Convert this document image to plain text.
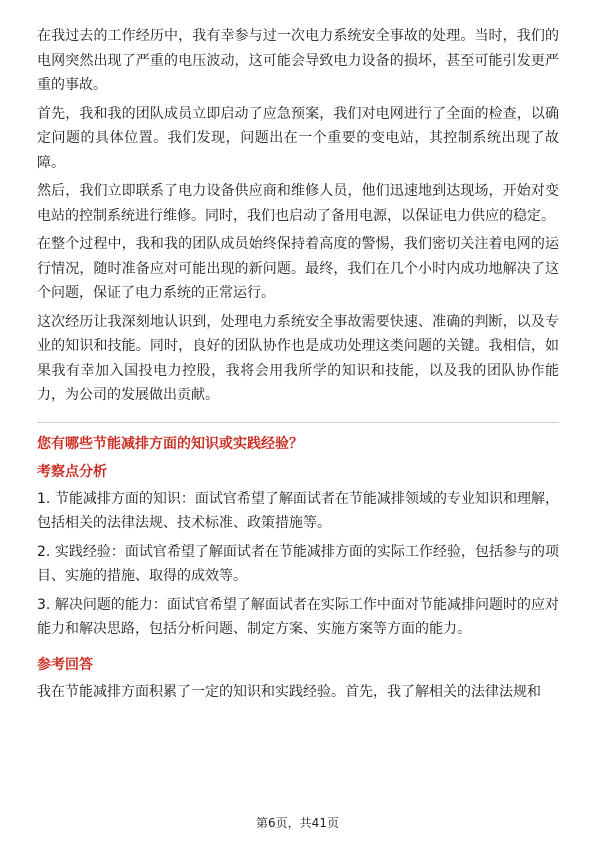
在我过去的工作经历中，我有幸参与过一次电力系统安全事故的处理。当时，我们的电网突然出现了严重的电压波动，这可能会导致电力设备的损坏，甚至可能引发更严重的事故。

首先，我和我的团队成员立即启动了应急预案，我们对电网进行了全面的检查，以确定问题的具体位置。我们发现，问题出在一个重要的变电站，其控制系统出现了故障。

然后，我们立即联系了电力设备供应商和维修人员，他们迅速地到达现场，开始对变电站的控制系统进行维修。同时，我们也启动了备用电源，以保证电力供应的稳定。

在整个过程中，我和我的团队成员始终保持着高度的警惕，我们密切关注着电网的运行情况，随时准备应对可能出现的新问题。最终，我们在几个小时内成功地解决了这个问题，保证了电力系统的正常运行。

这次经历让我深刻地认识到，处理电力系统安全事故需要快速、准确的判断，以及专业的知识和技能。同时，良好的团队协作也是成功处理这类问题的关键。我相信，如果我有幸加入国投电力控股，我将会用我所学的知识和技能，以及我的团队协作能力，为公司的发展做出贡献。

您有哪些节能减排方面的知识或实践经验？
考察点分析

1. 节能减排方面的知识：面试官希望了解面试者在节能减排领域的专业知识和理解，包括相关的法律法规、技术标准、政策措施等。

2. 实践经验：面试官希望了解面试者在节能减排方面的实际工作经验，包括参与的项目、实施的措施、取得的成效等。

3. 解决问题的能力：面试官希望了解面试者在实际工作中面对节能减排问题时的应对能力和解决思路，包括分析问题、制定方案、实施方案等方面的能力。

参考回答

我在节能减排方面积累了一定的知识和实践经验。首先，我了解相关的法律法规和

第6页，共41页
